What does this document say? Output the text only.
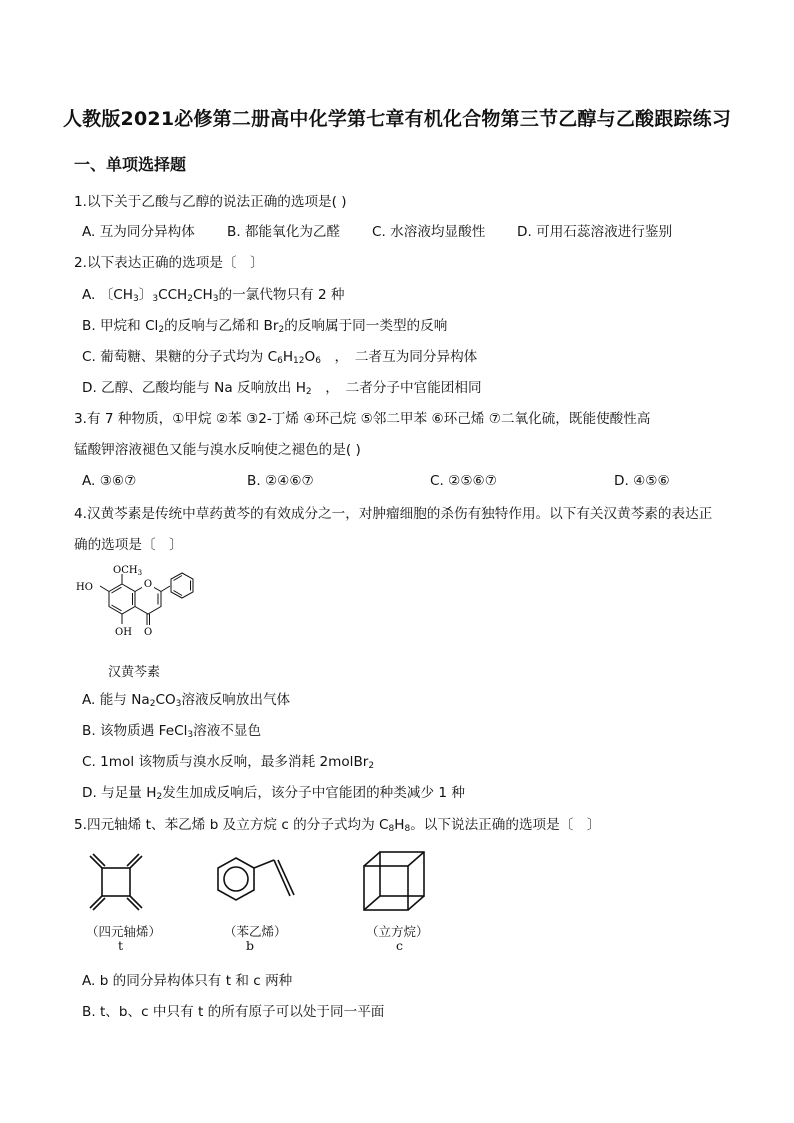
人教版2021必修第二册高中化学第七章有机化合物第三节乙醇与乙酸跟踪练习
一、单项选择题
1.以下关于乙酸与乙醇的说法正确的选项是( )
A. 互为同分异构体 B. 都能氧化为乙醛 C. 水溶液均显酸性 D. 可用石蕊溶液进行鉴别
2.以下表达正确的选项是〔　〕
A. 〔$CH_3$〕$_3CCH_2CH_3$的一氯代物只有 2 种
B. 甲烷和 $Cl_2$的反响与乙烯和 $Br_2$的反响属于同一类型的反响
C. 葡萄糖、果糖的分子式均为 $C_6H_{12}O_6$　，　二者互为同分异构体
D. 乙醇、乙酸均能与 Na 反响放出 $H_2$　，　二者分子中官能团相同
3.有 7 种物质，①甲烷 ②苯 ③2-丁烯 ④环己烷 ⑤邻二甲苯 ⑥环己烯 ⑦二氧化硫，既能使酸性高
锰酸钾溶液褪色又能与溴水反响使之褪色的是( )
A. ③⑥⑦	B. ②④⑥⑦	C. ②⑤⑥⑦	D. ④⑤⑥
4.汉黄芩素是传统中草药黄芩的有效成分之一，对肿瘤细胞的杀伤有独特作用。以下有关汉黄芩素的表达正
确的选项是〔　〕
O
$OCH_3$
HO
OH O
汉黄芩素
A. 能与 $Na_2CO_3$溶液反响放出气体
B. 该物质遇 FeCl$_3$溶液不显色
C. 1mol 该物质与溴水反响，最多消耗 2molBr$_2$
D. 与足量 $H_2$发生加成反响后，该分子中官能团的种类减少 1 种
5.四元轴烯 t、苯乙烯 b 及立方烷 c 的分子式均为 $C_8H_8$。以下说法正确的选项是〔　〕
（四元轴烯）
t
（苯乙烯）
b
（立方烷）
c
A. b 的同分异构体只有 t 和 c 两种
B. t、b、c 中只有 t 的所有原子可以处于同一平面
